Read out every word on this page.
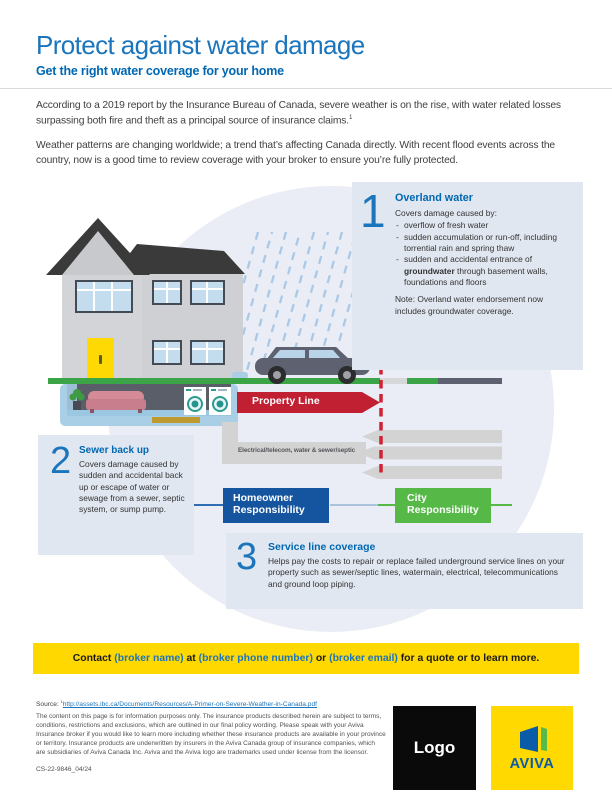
Protect against water damage
Get the right water coverage for your home

According to a 2019 report by the Insurance Bureau of Canada, severe weather is on the rise, with water related losses surpassing both fire and theft as a principal source of insurance claims.$^1$

Weather patterns are changing worldwide; a trend that’s affecting Canada directly. With recent flood events across the country, now is a good time to review coverage with your broker to ensure you’re fully protected.

1 Overland water
Covers damage caused by:
- overflow of fresh water
- sudden accumulation or run-off, including torrential rain and spring thaw
- sudden and accidental entrance of groundwater through basement walls, foundations and floors
Note: Overland water endorsement now includes groundwater coverage.
2 Sewer back up
Covers damage caused by sudden and accidental back up or escape of water or sewage from a sewer, septic system, or sump pump.
3 Service line coverage
Helps pay the costs to repair or replace failed underground service lines on your property such as sewer/septic lines, watermain, electrical, telecommunications and ground loop piping.
Property Line
Electrical/telecom, water & sewer/septic
Homeowner Responsibility
City Responsibility
Contact (broker name) at (broker phone number) or (broker email) for a quote or to learn more.
Source: $^1$http://assets.ibc.ca/Documents/Resources/A-Primer-on-Severe-Weather-in-Canada.pdf
The content on this page is for information purposes only. The insurance products described herein are subject to terms, conditions, restrictions and exclusions, which are outlined in our final policy wording. Please speak with your Aviva Insurance broker if you would like to learn more including whether these insurance products are available in your province or territory. Insurance products are underwritten by insurers in the Aviva Canada group of insurance companies, which are subsidiaries of Aviva Canada Inc. Aviva and the Aviva logo are trademarks used under license from the licensor.
CS-22-9846_04/24
Logo
AVIVA
